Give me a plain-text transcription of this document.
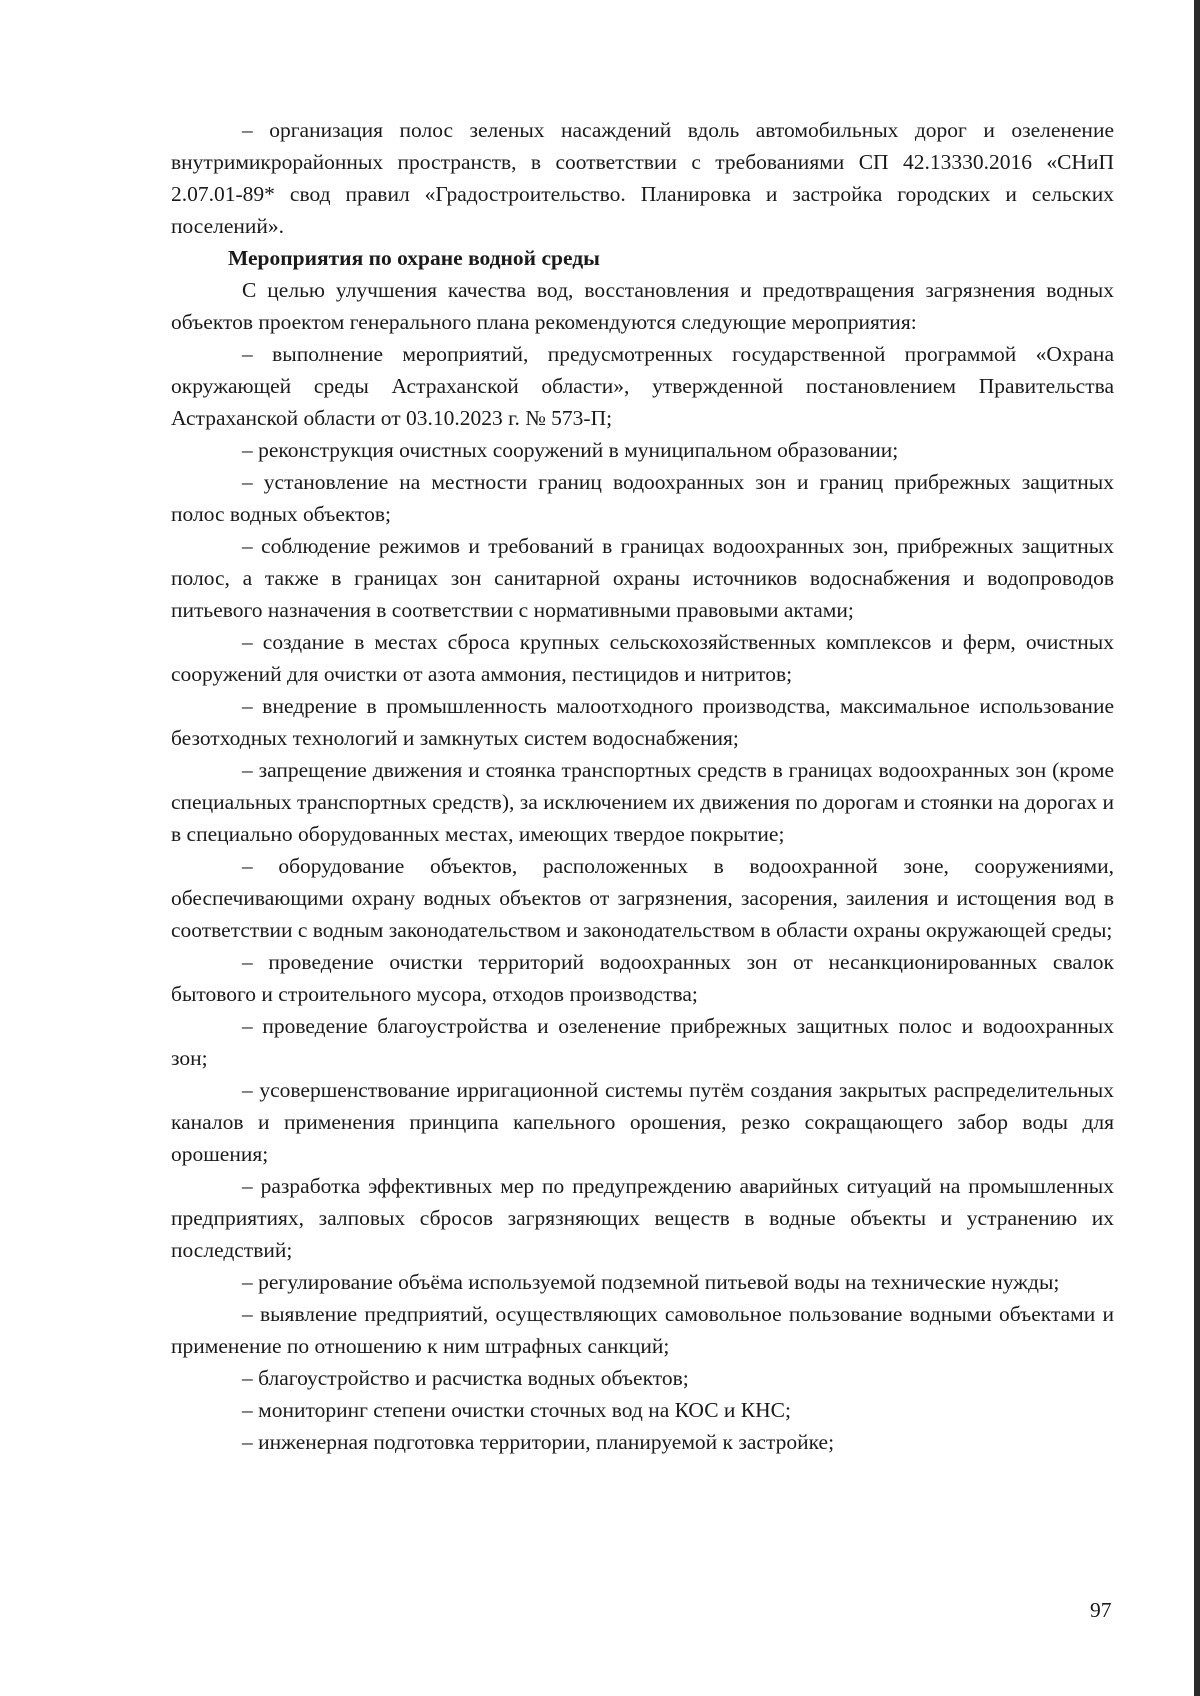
– организация полос зеленых насаждений вдоль автомобильных дорог и озеленение внутримикрорайонных пространств, в соответствии с требованиями СП 42.13330.2016 «СНиП 2.07.01-89* свод правил «Градостроительство. Планировка и застройка городских и сельских поселений».

Мероприятия по охране водной среды

С целью улучшения качества вод, восстановления и предотвращения загрязнения водных объектов проектом генерального плана рекомендуются следующие мероприятия:

– выполнение мероприятий, предусмотренных государственной программой «Охрана окружающей среды Астраханской области», утвержденной постановлением Правительства Астраханской области от 03.10.2023 г. № 573-П;

– реконструкция очистных сооружений в муниципальном образовании;

– установление на местности границ водоохранных зон и границ прибрежных защитных полос водных объектов;

– соблюдение режимов и требований в границах водоохранных зон, прибрежных защитных полос, а также в границах зон санитарной охраны источников водоснабжения и водопроводов питьевого назначения в соответствии с нормативными правовыми актами;

– создание в местах сброса крупных сельскохозяйственных комплексов и ферм, очистных сооружений для очистки от азота аммония, пестицидов и нитритов;

– внедрение в промышленность малоотходного производства, максимальное использование безотходных технологий и замкнутых систем водоснабжения;

– запрещение движения и стоянка транспортных средств в границах водоохранных зон (кроме специальных транспортных средств), за исключением их движения по дорогам и стоянки на дорогах и в специально оборудованных местах, имеющих твердое покрытие;

– оборудование объектов, расположенных в водоохранной зоне, сооружениями, обеспечивающими охрану водных объектов от загрязнения, засорения, заиления и истощения вод в соответствии с водным законодательством и законодательством в области охраны окружающей среды;

– проведение очистки территорий водоохранных зон от несанкционированных свалок бытового и строительного мусора, отходов производства;

– проведение благоустройства и озеленение прибрежных защитных полос и водоохранных зон;

– усовершенствование ирригационной системы путём создания закрытых распределительных каналов и применения принципа капельного орошения, резко сокращающего забор воды для орошения;

– разработка эффективных мер по предупреждению аварийных ситуаций на промышленных предприятиях, залповых сбросов загрязняющих веществ в водные объекты и устранению их последствий;

– регулирование объёма используемой подземной питьевой воды на технические нужды;

– выявление предприятий, осуществляющих самовольное пользование водными объектами и применение по отношению к ним штрафных санкций;

– благоустройство и расчистка водных объектов;

– мониторинг степени очистки сточных вод на КОС и КНС;

– инженерная подготовка территории, планируемой к застройке;

97
